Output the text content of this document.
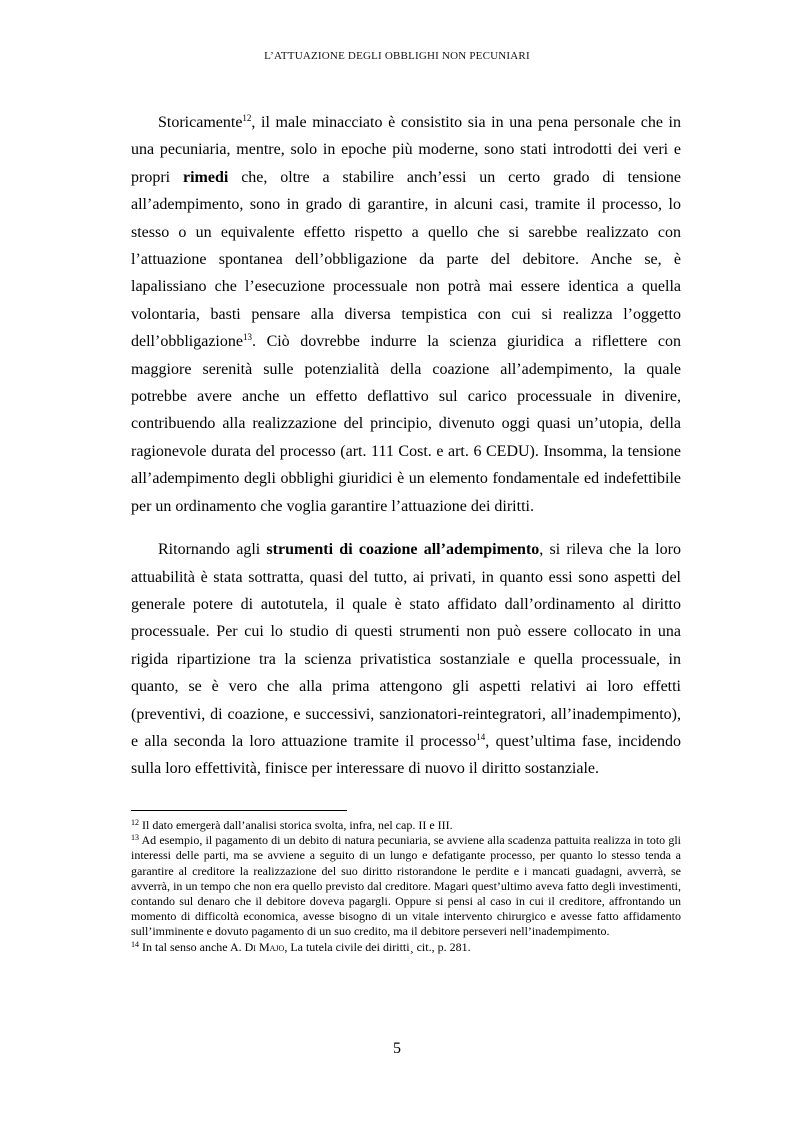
L’ATTUAZIONE DEGLI OBBLIGHI NON PECUNIARI

Storicamente$^{12}$, il male minacciato è consistito sia in una pena personale che in una pecuniaria, mentre, solo in epoche più moderne, sono stati introdotti dei veri e propri rimedi che, oltre a stabilire anch’essi un certo grado di tensione all’adempimento, sono in grado di garantire, in alcuni casi, tramite il processo, lo stesso o un equivalente effetto rispetto a quello che si sarebbe realizzato con l’attuazione spontanea dell’obbligazione da parte del debitore. Anche se, è lapalissiano che l’esecuzione processuale non potrà mai essere identica a quella volontaria, basti pensare alla diversa tempistica con cui si realizza l’oggetto dell’obbligazione$^{13}$. Ciò dovrebbe indurre la scienza giuridica a riflettere con maggiore serenità sulle potenzialità della coazione all’adempimento, la quale potrebbe avere anche un effetto deflattivo sul carico processuale in divenire, contribuendo alla realizzazione del principio, divenuto oggi quasi un’utopia, della ragionevole durata del processo (art. 111 Cost. e art. 6 CEDU). Insomma, la tensione all’adempimento degli obblighi giuridici è un elemento fondamentale ed indefettibile per un ordinamento che voglia garantire l’attuazione dei diritti.

Ritornando agli strumenti di coazione all’adempimento, si rileva che la loro attuabilità è stata sottratta, quasi del tutto, ai privati, in quanto essi sono aspetti del generale potere di autotutela, il quale è stato affidato dall’ordinamento al diritto processuale. Per cui lo studio di questi strumenti non può essere collocato in una rigida ripartizione tra la scienza privatistica sostanziale e quella processuale, in quanto, se è vero che alla prima attengono gli aspetti relativi ai loro effetti (preventivi, di coazione, e successivi, sanzionatori-reintegratori, all’inadempimento), e alla seconda la loro attuazione tramite il processo$^{14}$, quest’ultima fase, incidendo sulla loro effettività, finisce per interessare di nuovo il diritto sostanziale.

$^{12}$ Il dato emergerà dall’analisi storica svolta, infra, nel cap. II e III.

$^{13}$ Ad esempio, il pagamento di un debito di natura pecuniaria, se avviene alla scadenza pattuita realizza in toto gli interessi delle parti, ma se avviene a seguito di un lungo e defatigante processo, per quanto lo stesso tenda a garantire al creditore la realizzazione del suo diritto ristorandone le perdite e i mancati guadagni, avverrà, se avverrà, in un tempo che non era quello previsto dal creditore. Magari quest’ultimo aveva fatto degli investimenti, contando sul denaro che il debitore doveva pagargli. Oppure si pensi al caso in cui il creditore, affrontando un momento di difficoltà economica, avesse bisogno di un vitale intervento chirurgico e avesse fatto affidamento sull’imminente e dovuto pagamento di un suo credito, ma il debitore perseveri nell’inadempimento.

$^{14}$ In tal senso anche A. Di Majo, La tutela civile dei diritti¸ cit., p. 281.

5
